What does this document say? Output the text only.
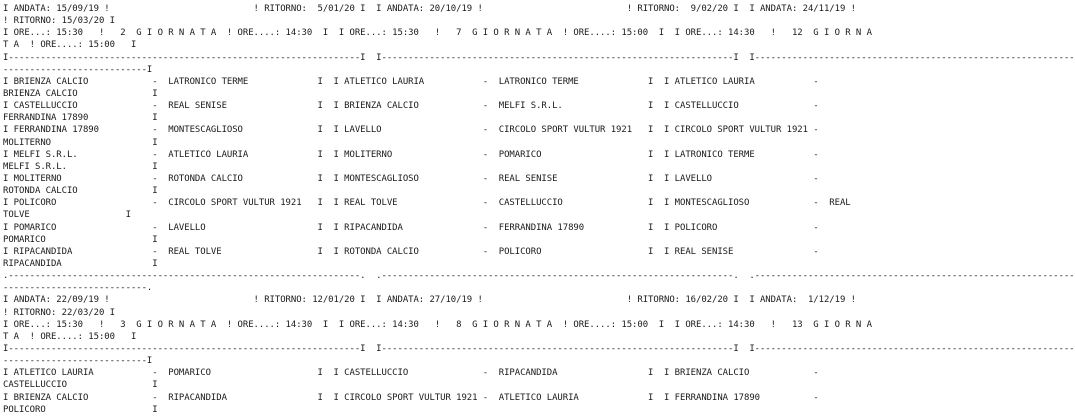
I ANDATA: 15/09/19 !                           ! RITORNO:  5/01/20 I  I ANDATA: 20/10/19 !                           ! RITORNO:  9/02/20 I  I ANDATA: 24/11/19 !
! RITORNO: 15/03/20 I
I ORE...: 15:30   !   2  G I O R N A T A  ! ORE....: 14:30  I  I ORE...: 15:30   !   7  G I O R N A T A  ! ORE....: 15:00  I  I ORE...: 14:30   !   12  G I O R N A
T A  ! ORE....: 15:00   I
I------------------------------------------------------------------I  I------------------------------------------------------------------I  I------------------------------------------------------------
---------------------------I
I BRIENZA CALCIO            -  LATRONICO TERME             I  I ATLETICO LAURIA           -  LATRONICO TERME             I  I ATLETICO LAURIA           -
BRIENZA CALCIO              I
I CASTELLUCCIO              -  REAL SENISE                 I  I BRIENZA CALCIO            -  MELFI S.R.L.                I  I CASTELLUCCIO              -
FERRANDINA 17890            I
I FERRANDINA 17890          -  MONTESCAGLIOSO              I  I LAVELLO                   -  CIRCOLO SPORT VULTUR 1921   I  I CIRCOLO SPORT VULTUR 1921 -
MOLITERNO                   I
I MELFI S.R.L.              -  ATLETICO LAURIA             I  I MOLITERNO                 -  POMARICO                    I  I LATRONICO TERME           -
MELFI S.R.L.                I
I MOLITERNO                 -  ROTONDA CALCIO              I  I MONTESCAGLIOSO            -  REAL SENISE                 I  I LAVELLO                   -
ROTONDA CALCIO              I
I POLICORO                  -  CIRCOLO SPORT VULTUR 1921   I  I REAL TOLVE                -  CASTELLUCCIO                I  I MONTESCAGLIOSO            -  REAL
TOLVE                  I
I POMARICO                  -  LAVELLO                     I  I RIPACANDIDA               -  FERRANDINA 17890            I  I POLICORO                  -
POMARICO                    I
I RIPACANDIDA               -  REAL TOLVE                  I  I ROTONDA CALCIO            -  POLICORO                    I  I REAL SENISE               -
RIPACANDIDA                 I
.------------------------------------------------------------------.  .------------------------------------------------------------------.  .------------------------------------------------------------
---------------------------.
I ANDATA: 22/09/19 !                           ! RITORNO: 12/01/20 I  I ANDATA: 27/10/19 !                           ! RITORNO: 16/02/20 I  I ANDATA:  1/12/19 !
! RITORNO: 22/03/20 I
I ORE...: 15:30   !   3  G I O R N A T A  ! ORE....: 14:30  I  I ORE...: 14:30   !   8  G I O R N A T A  ! ORE....: 15:00  I  I ORE...: 14:30   !   13  G I O R N A
T A  ! ORE....: 15:00   I
I------------------------------------------------------------------I  I------------------------------------------------------------------I  I------------------------------------------------------------
---------------------------I
I ATLETICO LAURIA           -  POMARICO                    I  I CASTELLUCCIO              -  RIPACANDIDA                 I  I BRIENZA CALCIO            -
CASTELLUCCIO                I
I BRIENZA CALCIO            -  RIPACANDIDA                 I  I CIRCOLO SPORT VULTUR 1921 -  ATLETICO LAURIA             I  I FERRANDINA 17890          -
POLICORO                    I
